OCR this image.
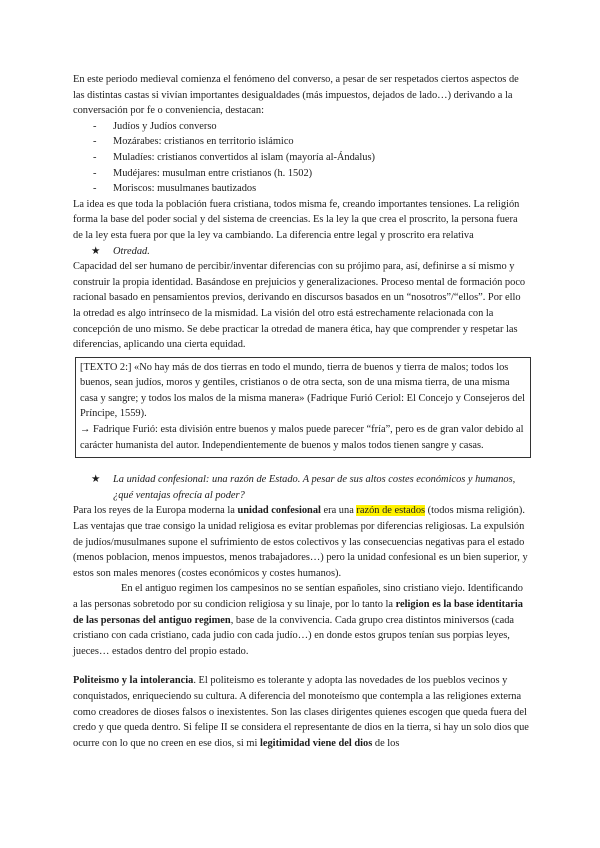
En este periodo medieval comienza el fenómeno del converso, a pesar de ser respetados ciertos aspectos de las distintas castas si vivían importantes desigualdades (más impuestos, dejados de lado…) derivando a la conversación por fe o conveniencia, destacan:

- Judíos y Judíos converso
- Mozárabes: cristianos en territorio islámico
- Muladíes: cristianos convertidos al islam (mayoría al-Ándalus)
- Mudéjares: musulman entre cristianos (h. 1502)
- Moriscos: musulmanes bautizados

La idea es que toda la población fuera cristiana, todos misma fe, creando importantes tensiones. La religión forma la base del poder social y del sistema de creencias. Es la ley la que crea el proscrito, la persona fuera de la ley esta fuera por que la ley va cambiando. La diferencia entre legal y proscrito era relativa

★ Otredad.

Capacidad del ser humano de percibir/inventar diferencias con su prójimo para, así, definirse a sí mismo y construir la propia identidad. Basándose en prejuicios y generalizaciones. Proceso mental de formación poco racional basado en pensamientos previos, derivando en discursos basados en un “nosotros”/“ellos”. Por ello la otredad es algo intrínseco de la mismidad. La visión del otro está estrechamente relacionada con la concepción de uno mismo. Se debe practicar la otredad de manera ética, hay que comprender y respetar las diferencias, aplicando una cierta equidad.

[TEXTO 2:] «No hay más de dos tierras en todo el mundo, tierra de buenos y tierra de malos; todos los buenos, sean judíos, moros y gentiles, cristianos o de otra secta, son de una misma tierra, de una misma casa y sangre; y todos los malos de la misma manera» (Fadrique Furió Ceriol: El Concejo y Consejeros del Príncipe, 1559).

→ Fadrique Furió: esta división entre buenos y malos puede parecer “fría”, pero es de gran valor debido al carácter humanista del autor. Independientemente de buenos y malos todos tienen sangre y casas.

★ La unidad confesional: una razón de Estado. A pesar de sus altos costes económicos y humanos, ¿qué ventajas ofrecía al poder?

Para los reyes de la Europa moderna la unidad confesional era una razón de estados (todos misma religión). Las ventajas que trae consigo la unidad religiosa es evitar problemas por diferencias religiosas. La expulsión de judíos/musulmanes supone el sufrimiento de estos colectivos y las consecuencias negativas para el estado (menos poblacion, menos impuestos, menos trabajadores…) pero la unidad confesional es un bien superior, y estos son males menores (costes económicos y costes humanos).

En el antiguo regimen los campesinos no se sentían españoles, sino cristiano viejo. Identificando a las personas sobretodo por su condicion religiosa y su linaje, por lo tanto la religion es la base identitaria de las personas del antiguo regimen, base de la convivencia. Cada grupo crea distintos miniversos (cada cristiano con cada cristiano, cada judio con cada judío…) en donde estos grupos tenían sus porpias leyes, jueces… estados dentro del propio estado.

Politeismo y la intolerancia. El politeismo es tolerante y adopta las novedades de los pueblos vecinos y conquistados, enriqueciendo su cultura. A diferencia del monoteísmo que contempla a las religiones externa como creadores de dioses falsos o inexistentes. Son las clases dirigentes quienes escogen que queda fuera del credo y que queda dentro. Si felipe II se considera el representante de dios en la tierra, si hay un solo dios que ocurre con lo que no creen en ese dios, si mi legitimidad viene del dios de los
